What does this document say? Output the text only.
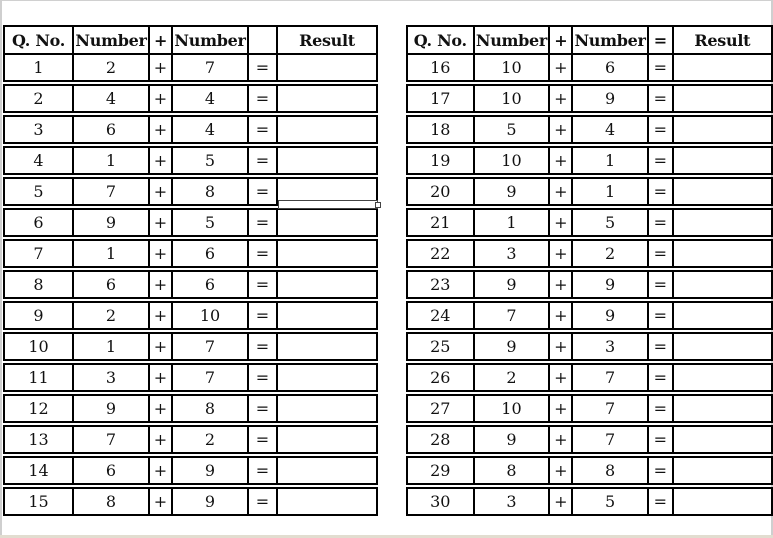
Q. No.	Number	+	Number		Result
1	2	+	7	=	
2	4	+	4	=	
3	6	+	4	=	
4	1	+	5	=	
5	7	+	8	=	
6	9	+	5	=	
7	1	+	6	=	
8	6	+	6	=	
9	2	+	10	=	
10	1	+	7	=	
11	3	+	7	=	
12	9	+	8	=	
13	7	+	2	=	
14	6	+	9	=	
15	8	+	9	=	
Q. No.	Number	+	Number	=	Result
16	10	+	6	=	
17	10	+	9	=	
18	5	+	4	=	
19	10	+	1	=	
20	9	+	1	=	
21	1	+	5	=	
22	3	+	2	=	
23	9	+	9	=	
24	7	+	9	=	
25	9	+	3	=	
26	2	+	7	=	
27	10	+	7	=	
28	9	+	7	=	
29	8	+	8	=	
30	3	+	5	=	
